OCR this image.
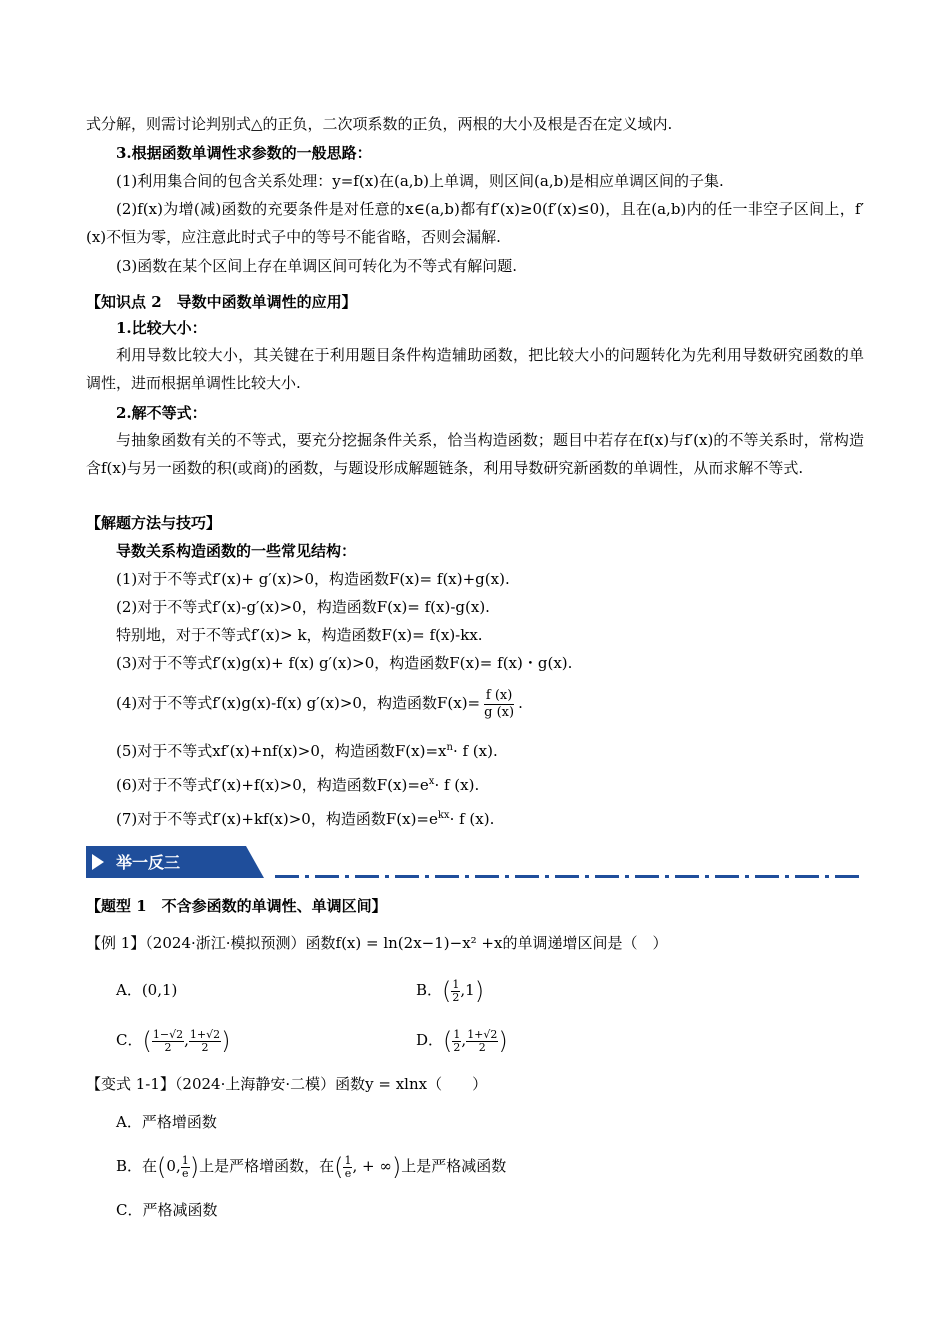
式分解，则需讨论判别式△的正负，二次项系数的正负，两根的大小及根是否在定义域内.
3.根据函数单调性求参数的一般思路：
(1)利用集合间的包含关系处理：y=f(x)在(a,b)上单调，则区间(a,b)是相应单调区间的子集.
(2)f(x)为增(减)函数的充要条件是对任意的x∈(a,b)都有f′(x)≥0(f′(x)≤0)，且在(a,b)内的任一非空子区间上，f′(x)不恒为零，应注意此时式子中的等号不能省略，否则会漏解.
(3)函数在某个区间上存在单调区间可转化为不等式有解问题.
【知识点 2　导数中函数单调性的应用】
1.比较大小：
利用导数比较大小，其关键在于利用题目条件构造辅助函数，把比较大小的问题转化为先利用导数研究函数的单调性，进而根据单调性比较大小.
2.解不等式：
与抽象函数有关的不等式，要充分挖掘条件关系，恰当构造函数；题目中若存在f(x)与f′(x)的不等关系时，常构造含f(x)与另一函数的积(或商)的函数，与题设形成解题链条，利用导数研究新函数的单调性，从而求解不等式.
【解题方法与技巧】
导数关系构造函数的一些常见结构：
(1)对于不等式f′(x)+ g′(x)>0，构造函数F(x)= f(x)+g(x).
(2)对于不等式f′(x)-g′(x)>0，构造函数F(x)= f(x)-g(x).
特别地，对于不等式f′(x)> k，构造函数F(x)= f(x)-kx.
(3)对于不等式f′(x)g(x)+ f(x) g′(x)>0，构造函数F(x)= f(x)・g(x).
(4)对于不等式f′(x)g(x)-f(x) g′(x)>0，构造函数$F(x)= \frac{f (x)}{g (x)}$ .
(5)对于不等式xf′(x)+nf(x)>0，构造函数$F(x)=x^n\cdot f$ (x).
(6)对于不等式f′(x)+f(x)>0，构造函数$F(x)=e^x\cdot f$ (x).
(7)对于不等式f′(x)+kf(x)>0，构造函数$F(x)=e^{kx}\cdot f$ (x).
举一反三
【题型 1　不含参函数的单调性、单调区间】
【例 1】（2024·浙江·模拟预测）函数f(x) = ln(2x−1)−x² +x的单调递增区间是（　）
A．(0,1)	B．( $\frac{1}{2} ,1$)
C．( $\frac{1-√2}{2}$ , $\frac{1+√2}{2}$ )	D．( $\frac{1}{2}$ , $\frac{1+√2}{2}$ )
【变式 1-1】（2024·上海静安·二模）函数y = xlnx（　　）
A．严格增函数
B．在(0, $\frac{1}{e}$ )上是严格增函数，在( $\frac{1}{e}$ , + ∞)上是严格减函数
C．严格减函数
